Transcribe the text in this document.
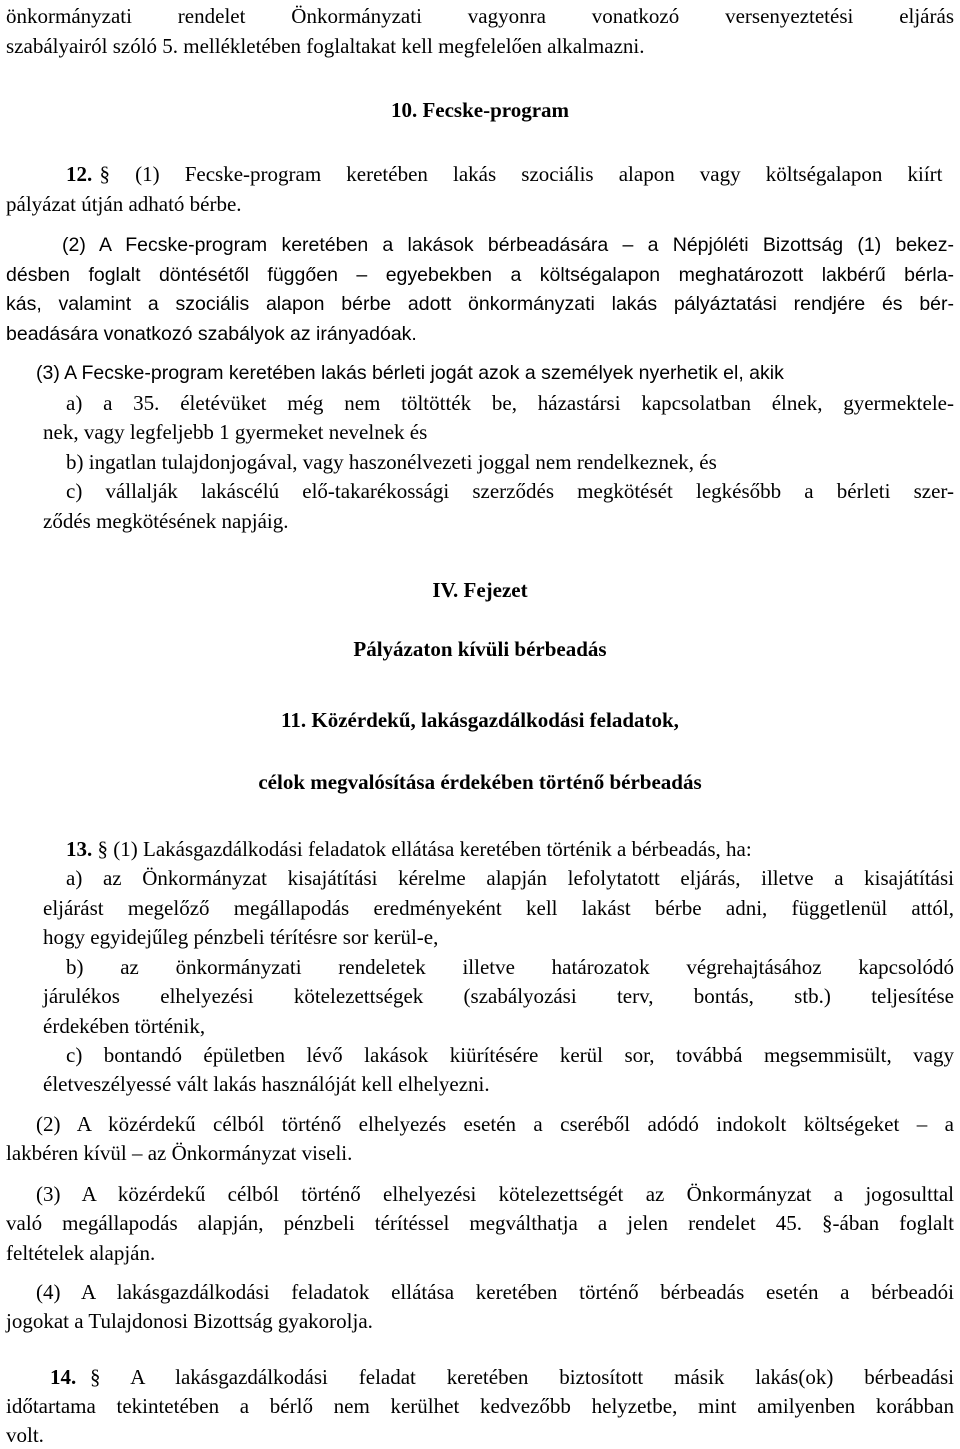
önkormányzati rendelet Önkormányzati vagyonra vonatkozó versenyeztetési eljárás
szabályairól szóló 5. mellékletében foglaltakat kell megfelelően alkalmazni.
10. Fecske-program
12. § (1) Fecske-program keretében lakás szociális alapon vagy költségalapon kiírt
pályázat útján adható bérbe.
(2) A Fecske-program keretében a lakások bérbeadására – a Népjóléti Bizottság (1) bekez-
désben foglalt döntésétől függően – egyebekben a költségalapon meghatározott lakbérű bérla-
kás, valamint a szociális alapon bérbe adott önkormányzati lakás pályáztatási rendjére és bér-
beadására vonatkozó szabályok az irányadóak.
(3) A Fecske-program keretében lakás bérleti jogát azok a személyek nyerhetik el, akik
a) a 35. életévüket még nem töltötték be, házastársi kapcsolatban élnek, gyermektele-
nek, vagy legfeljebb 1 gyermeket nevelnek és
b) ingatlan tulajdonjogával, vagy haszonélvezeti joggal nem rendelkeznek, és
c) vállalják lakáscélú elő-takarékossági szerződés megkötését legkésőbb a bérleti szer-
ződés megkötésének napjáig.
IV. Fejezet
Pályázaton kívüli bérbeadás
11. Közérdekű, lakásgazdálkodási feladatok,
célok megvalósítása érdekében történő bérbeadás
13. § (1) Lakásgazdálkodási feladatok ellátása keretében történik a bérbeadás, ha:
a) az Önkormányzat kisajátítási kérelme alapján lefolytatott eljárás, illetve a kisajátítási
eljárást megelőző megállapodás eredményeként kell lakást bérbe adni, függetlenül attól,
hogy egyidejűleg pénzbeli térítésre sor kerül-e,
b) az önkormányzati rendeletek illetve határozatok végrehajtásához kapcsolódó
járulékos elhelyezési kötelezettségek (szabályozási terv, bontás, stb.) teljesítése
érdekében történik,
c) bontandó épületben lévő lakások kiürítésére kerül sor, továbbá megsemmisült, vagy
életveszélyessé vált lakás használóját kell elhelyezni.
(2) A közérdekű célból történő elhelyezés esetén a cseréből adódó indokolt költségeket – a
lakbéren kívül – az Önkormányzat viseli.
(3) A közérdekű célból történő elhelyezési kötelezettségét az Önkormányzat a jogosulttal
való megállapodás alapján, pénzbeli térítéssel megválthatja a jelen rendelet 45. §-ában foglalt
feltételek alapján.
(4) A lakásgazdálkodási feladatok ellátása keretében történő bérbeadás esetén a bérbeadói
jogokat a Tulajdonosi Bizottság gyakorolja.
14. § A lakásgazdálkodási feladat keretében biztosított másik lakás(ok) bérbeadási
időtartama tekintetében a bérlő nem kerülhet kedvezőbb helyzetbe, mint amilyenben korábban
volt.
